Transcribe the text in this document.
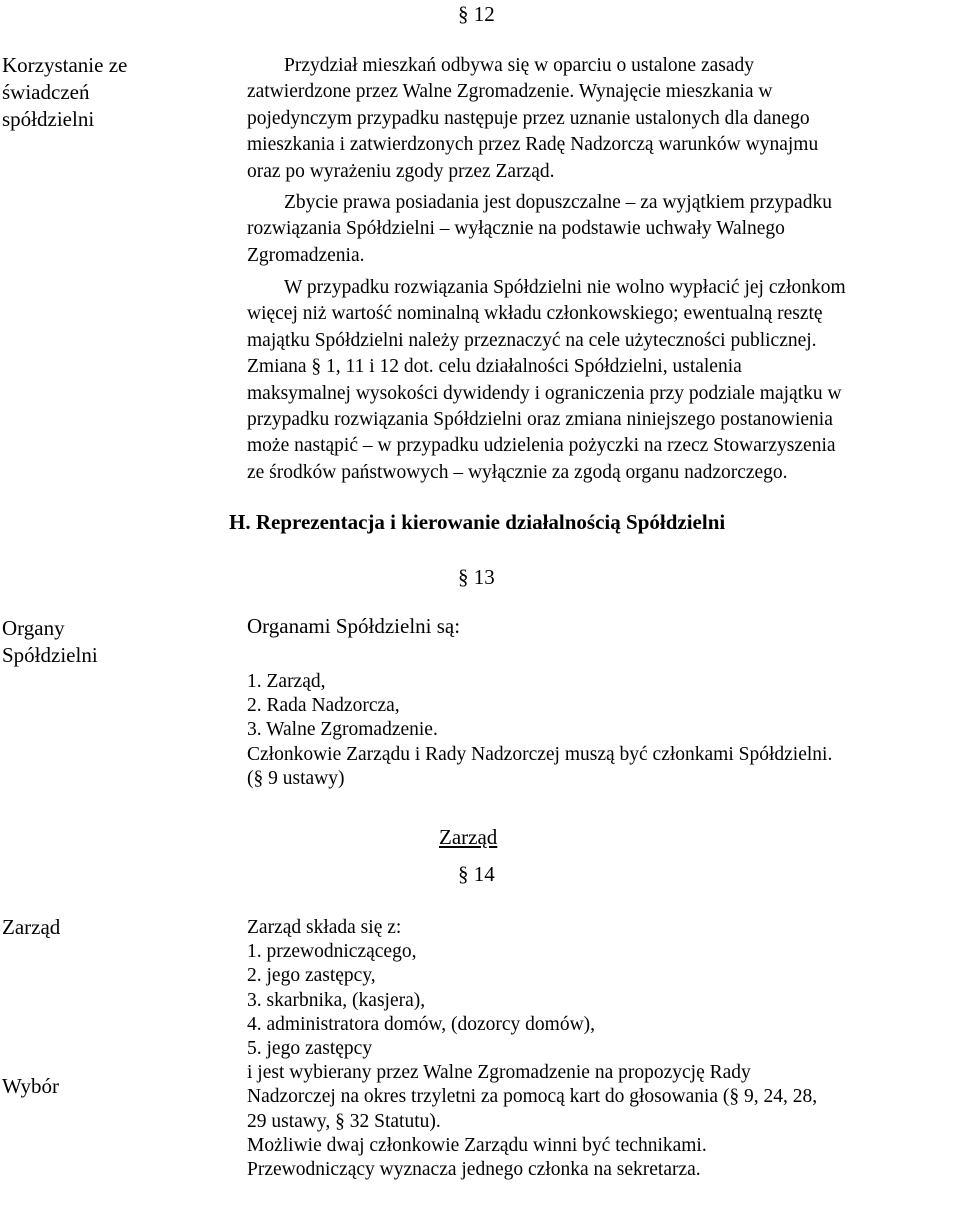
§ 12
Korzystanie ze
świadczeń
spółdzielni
Przydział mieszkań odbywa się w oparciu o ustalone zasady
zatwierdzone przez Walne Zgromadzenie. Wynajęcie mieszkania w
pojedynczym przypadku następuje przez uznanie ustalonych dla danego
mieszkania i zatwierdzonych przez Radę Nadzorczą warunków wynajmu
oraz po wyrażeniu zgody przez Zarząd.
Zbycie prawa posiadania jest dopuszczalne – za wyjątkiem przypadku
rozwiązania Spółdzielni – wyłącznie na podstawie uchwały Walnego
Zgromadzenia.
W przypadku rozwiązania Spółdzielni nie wolno wypłacić jej członkom
więcej niż wartość nominalną wkładu członkowskiego; ewentualną resztę
majątku Spółdzielni należy przeznaczyć na cele użyteczności publicznej.
Zmiana § 1, 11 i 12 dot. celu działalności Spółdzielni, ustalenia
maksymalnej wysokości dywidendy i ograniczenia przy podziale majątku w
przypadku rozwiązania Spółdzielni oraz zmiana niniejszego postanowienia
może nastąpić – w przypadku udzielenia pożyczki na rzecz Stowarzyszenia
ze środków państwowych – wyłącznie za zgodą organu nadzorczego.
H. Reprezentacja i kierowanie działalnością Spółdzielni
§ 13
Organy
Spółdzielni
Organami Spółdzielni są:
1. Zarząd,
2. Rada Nadzorcza,
3. Walne Zgromadzenie.
Członkowie Zarządu i Rady Nadzorczej muszą być członkami Spółdzielni.
(§ 9 ustawy)
Zarząd
§ 14
Zarząd
Wybór
Zarząd składa się z:
1. przewodniczącego,
2. jego zastępcy,
3. skarbnika, (kasjera),
4. administratora domów, (dozorcy domów),
5. jego zastępcy
i jest wybierany przez Walne Zgromadzenie na propozycję Rady
Nadzorczej na okres trzyletni za pomocą kart do głosowania (§ 9, 24, 28,
29 ustawy, § 32 Statutu).
Możliwie dwaj członkowie Zarządu winni być technikami.
Przewodniczący wyznacza jednego członka na sekretarza.
